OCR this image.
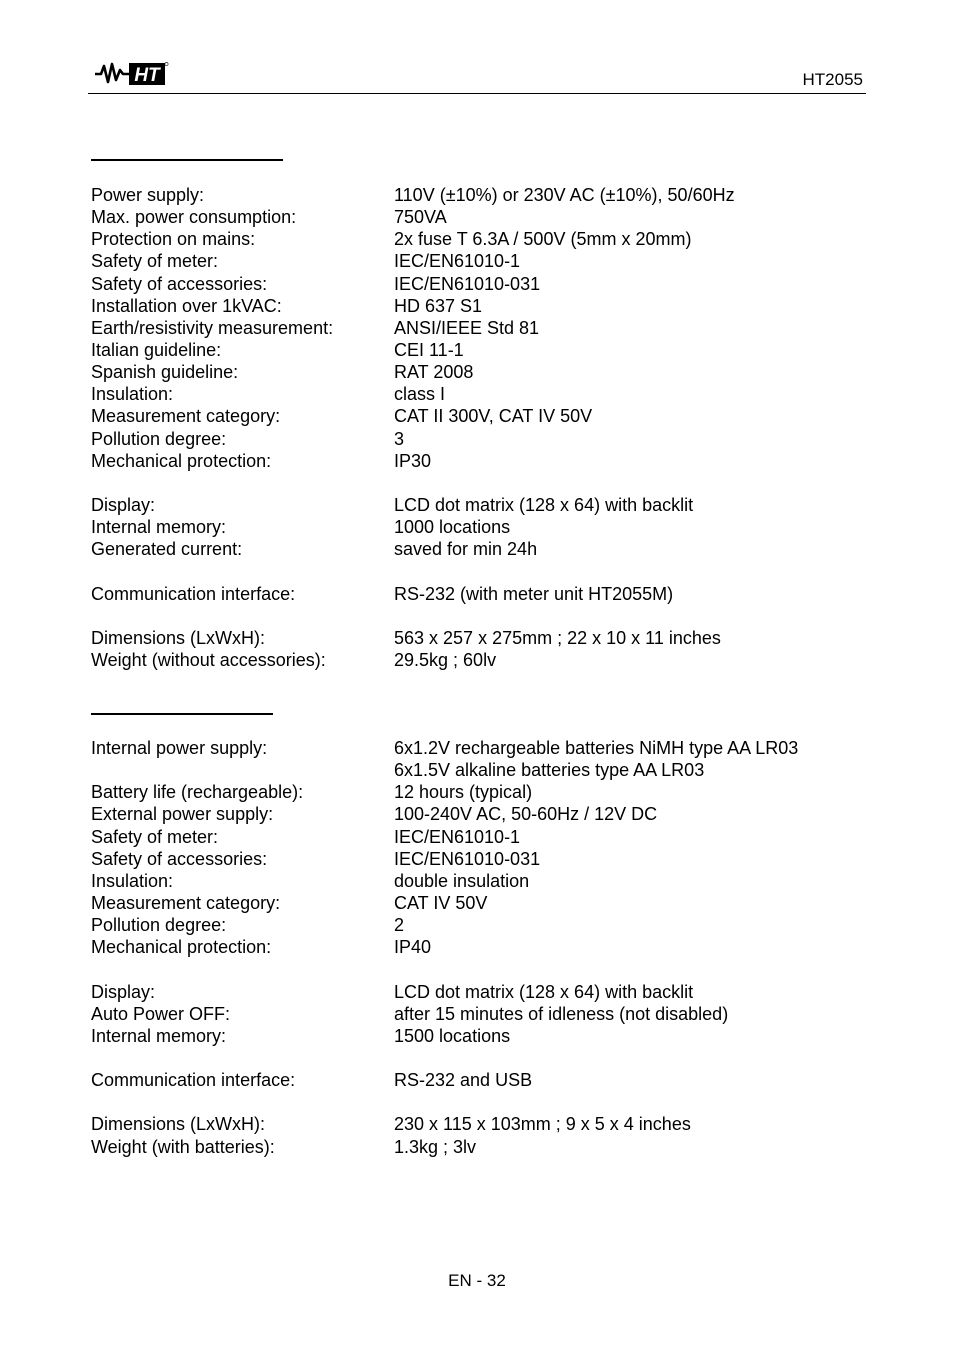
HT	HT2055
Power supply:	110V (±10%) or 230V AC (±10%), 50/60Hz
Max. power consumption:	750VA
Protection on mains:	2x fuse T 6.3A / 500V (5mm x 20mm)
Safety of meter:	IEC/EN61010-1
Safety of accessories:	IEC/EN61010-031
Installation over 1kVAC:	HD 637 S1
Earth/resistivity measurement:	ANSI/IEEE Std 81
Italian guideline:	CEI 11-1
Spanish guideline:	RAT 2008
Insulation:	class I
Measurement category:	CAT II 300V, CAT IV 50V
Pollution degree:	3
Mechanical protection:	IP30
Display:	LCD dot matrix (128 x 64) with backlit
Internal memory:	1000 locations
Generated current:	saved for min 24h
Communication interface:	RS-232 (with meter unit HT2055M)
Dimensions (LxWxH):	563 x 257 x 275mm ; 22 x 10 x 11 inches
Weight (without accessories):	29.5kg ; 60lv
Internal power supply:	6x1.2V rechargeable batteries NiMH type AA LR03
6x1.5V alkaline batteries type AA LR03
Battery life (rechargeable):	12 hours (typical)
External power supply:	100-240V AC, 50-60Hz / 12V DC
Safety of meter:	IEC/EN61010-1
Safety of accessories:	IEC/EN61010-031
Insulation:	double insulation
Measurement category:	CAT IV 50V
Pollution degree:	2
Mechanical protection:	IP40
Display:	LCD dot matrix (128 x 64) with backlit
Auto Power OFF:	after 15 minutes of idleness (not disabled)
Internal memory:	1500 locations
Communication interface:	RS-232 and USB
Dimensions (LxWxH):	230 x 115 x 103mm ; 9 x 5 x 4 inches
Weight (with batteries):	1.3kg ; 3lv
EN - 32
